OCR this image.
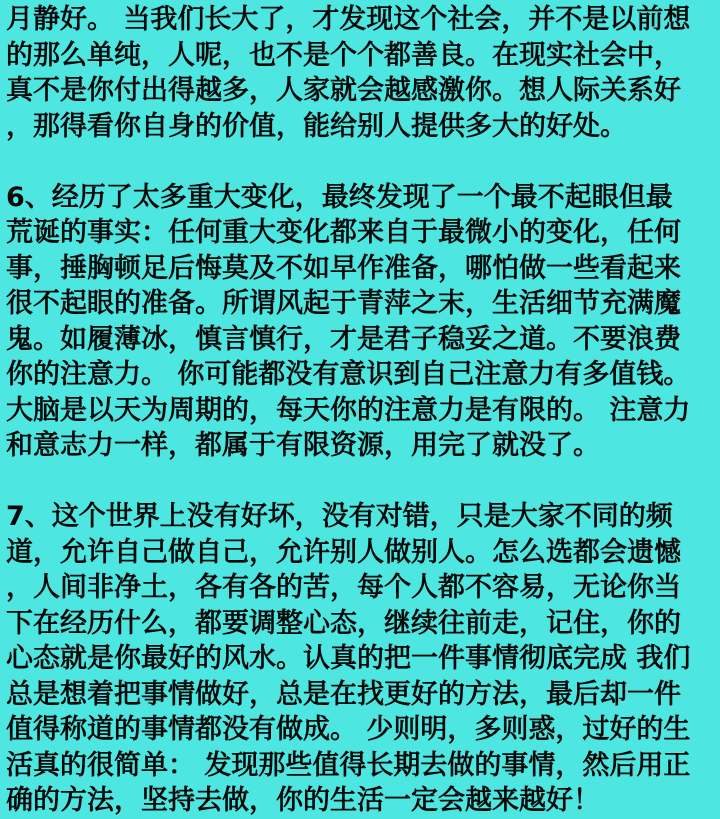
月静好。 当我们长大了，才发现这个社会，并不是以前想
的那么单纯，人呢，也不是个个都善良。在现实社会中，
真不是你付出得越多，人家就会越感激你。想人际关系好
，那得看你自身的价值，能给别人提供多大的好处。
6、经历了太多重大变化，最终发现了一个最不起眼但最
荒诞的事实：任何重大变化都来自于最微小的变化，任何
事，捶胸顿足后悔莫及不如早作准备，哪怕做一些看起来
很不起眼的准备。所谓风起于青萍之末，生活细节充满魔
鬼。如履薄冰，慎言慎行，才是君子稳妥之道。不要浪费
你的注意力。 你可能都没有意识到自己注意力有多值钱。
大脑是以天为周期的，每天你的注意力是有限的。 注意力
和意志力一样，都属于有限资源，用完了就没了。
7、这个世界上没有好坏，没有对错，只是大家不同的频
道，允许自己做自己，允许别人做别人。怎么选都会遗憾
，人间非净土，各有各的苦，每个人都不容易，无论你当
下在经历什么，都要调整心态，继续往前走，记住，你的
心态就是你最好的风水。认真的把一件事情彻底完成 我们
总是想着把事情做好，总是在找更好的方法，最后却一件
值得称道的事情都没有做成。 少则明，多则惑，过好的生
活真的很简单： 发现那些值得长期去做的事情，然后用正
确的方法，坚持去做，你的生活一定会越来越好！
